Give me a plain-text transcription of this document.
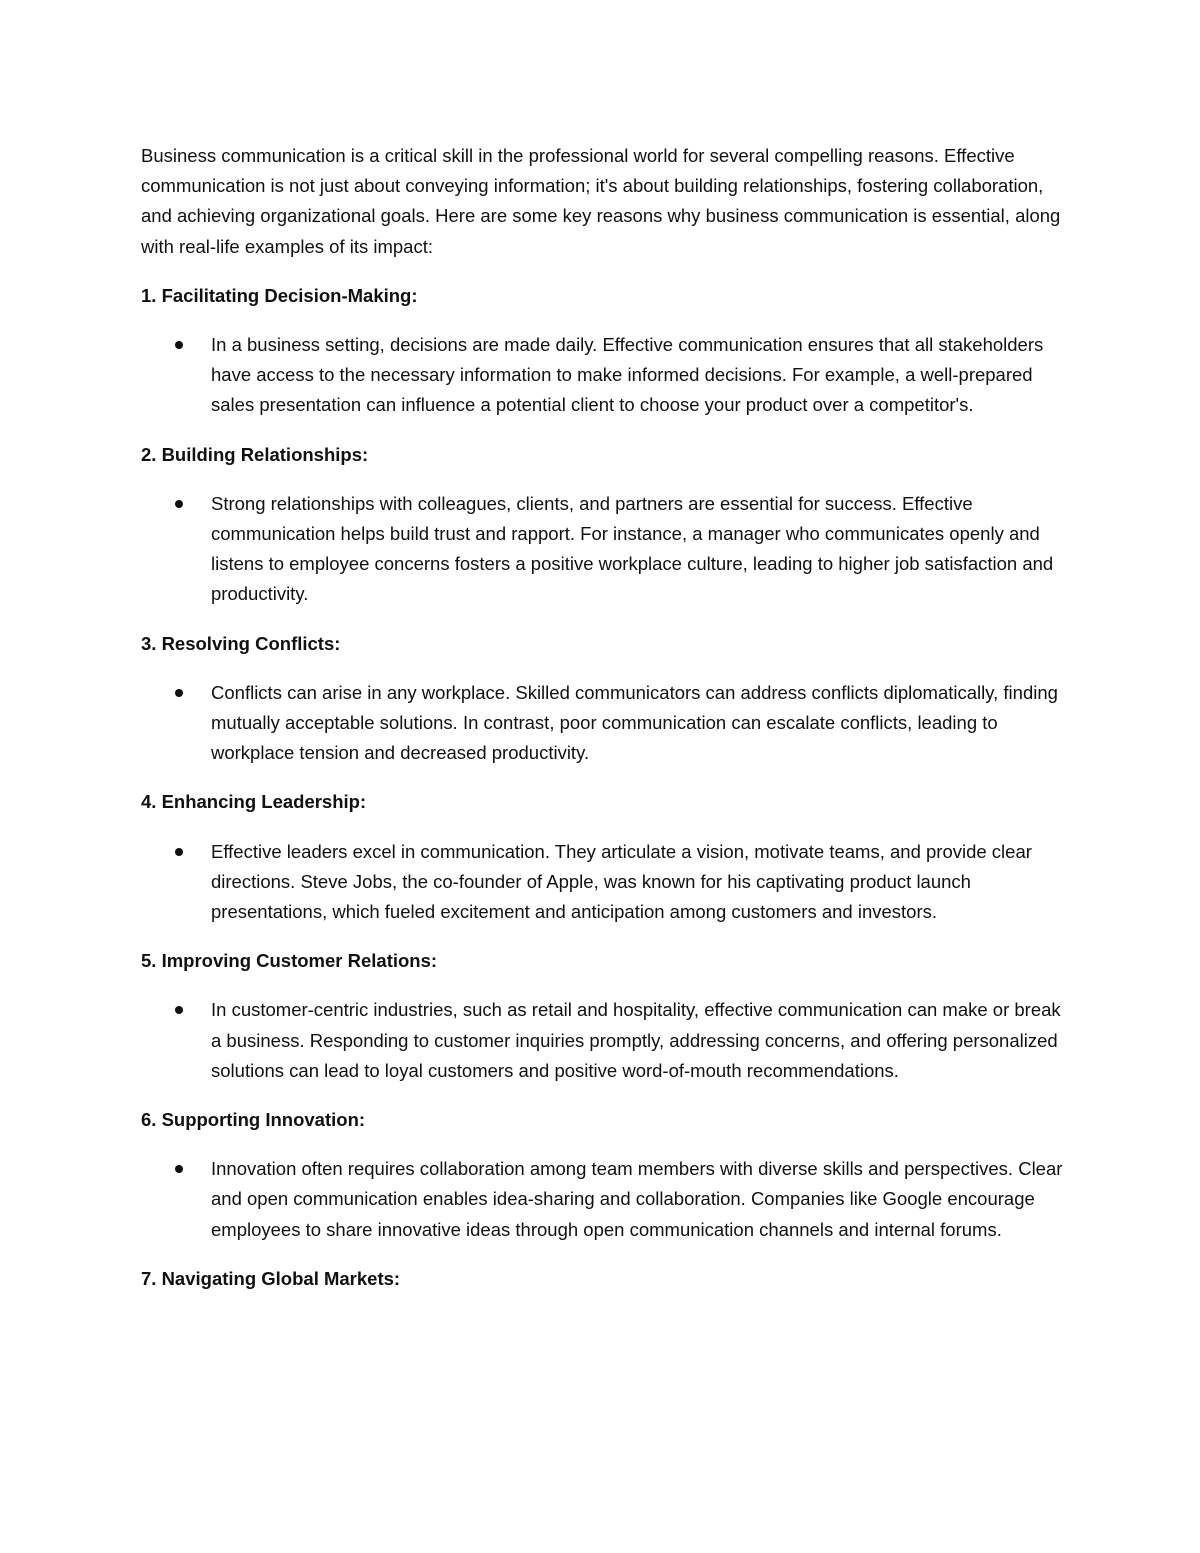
Business communication is a critical skill in the professional world for several compelling reasons. Effective communication is not just about conveying information; it's about building relationships, fostering collaboration, and achieving organizational goals. Here are some key reasons why business communication is essential, along with real-life examples of its impact:

1. Facilitating Decision-Making:

In a business setting, decisions are made daily. Effective communication ensures that all stakeholders have access to the necessary information to make informed decisions. For example, a well-prepared sales presentation can influence a potential client to choose your product over a competitor's.

2. Building Relationships:

Strong relationships with colleagues, clients, and partners are essential for success. Effective communication helps build trust and rapport. For instance, a manager who communicates openly and listens to employee concerns fosters a positive workplace culture, leading to higher job satisfaction and productivity.

3. Resolving Conflicts:

Conflicts can arise in any workplace. Skilled communicators can address conflicts diplomatically, finding mutually acceptable solutions. In contrast, poor communication can escalate conflicts, leading to workplace tension and decreased productivity.

4. Enhancing Leadership:

Effective leaders excel in communication. They articulate a vision, motivate teams, and provide clear directions. Steve Jobs, the co-founder of Apple, was known for his captivating product launch presentations, which fueled excitement and anticipation among customers and investors.

5. Improving Customer Relations:

In customer-centric industries, such as retail and hospitality, effective communication can make or break a business. Responding to customer inquiries promptly, addressing concerns, and offering personalized solutions can lead to loyal customers and positive word-of-mouth recommendations.

6. Supporting Innovation:

Innovation often requires collaboration among team members with diverse skills and perspectives. Clear and open communication enables idea-sharing and collaboration. Companies like Google encourage employees to share innovative ideas through open communication channels and internal forums.

7. Navigating Global Markets:
